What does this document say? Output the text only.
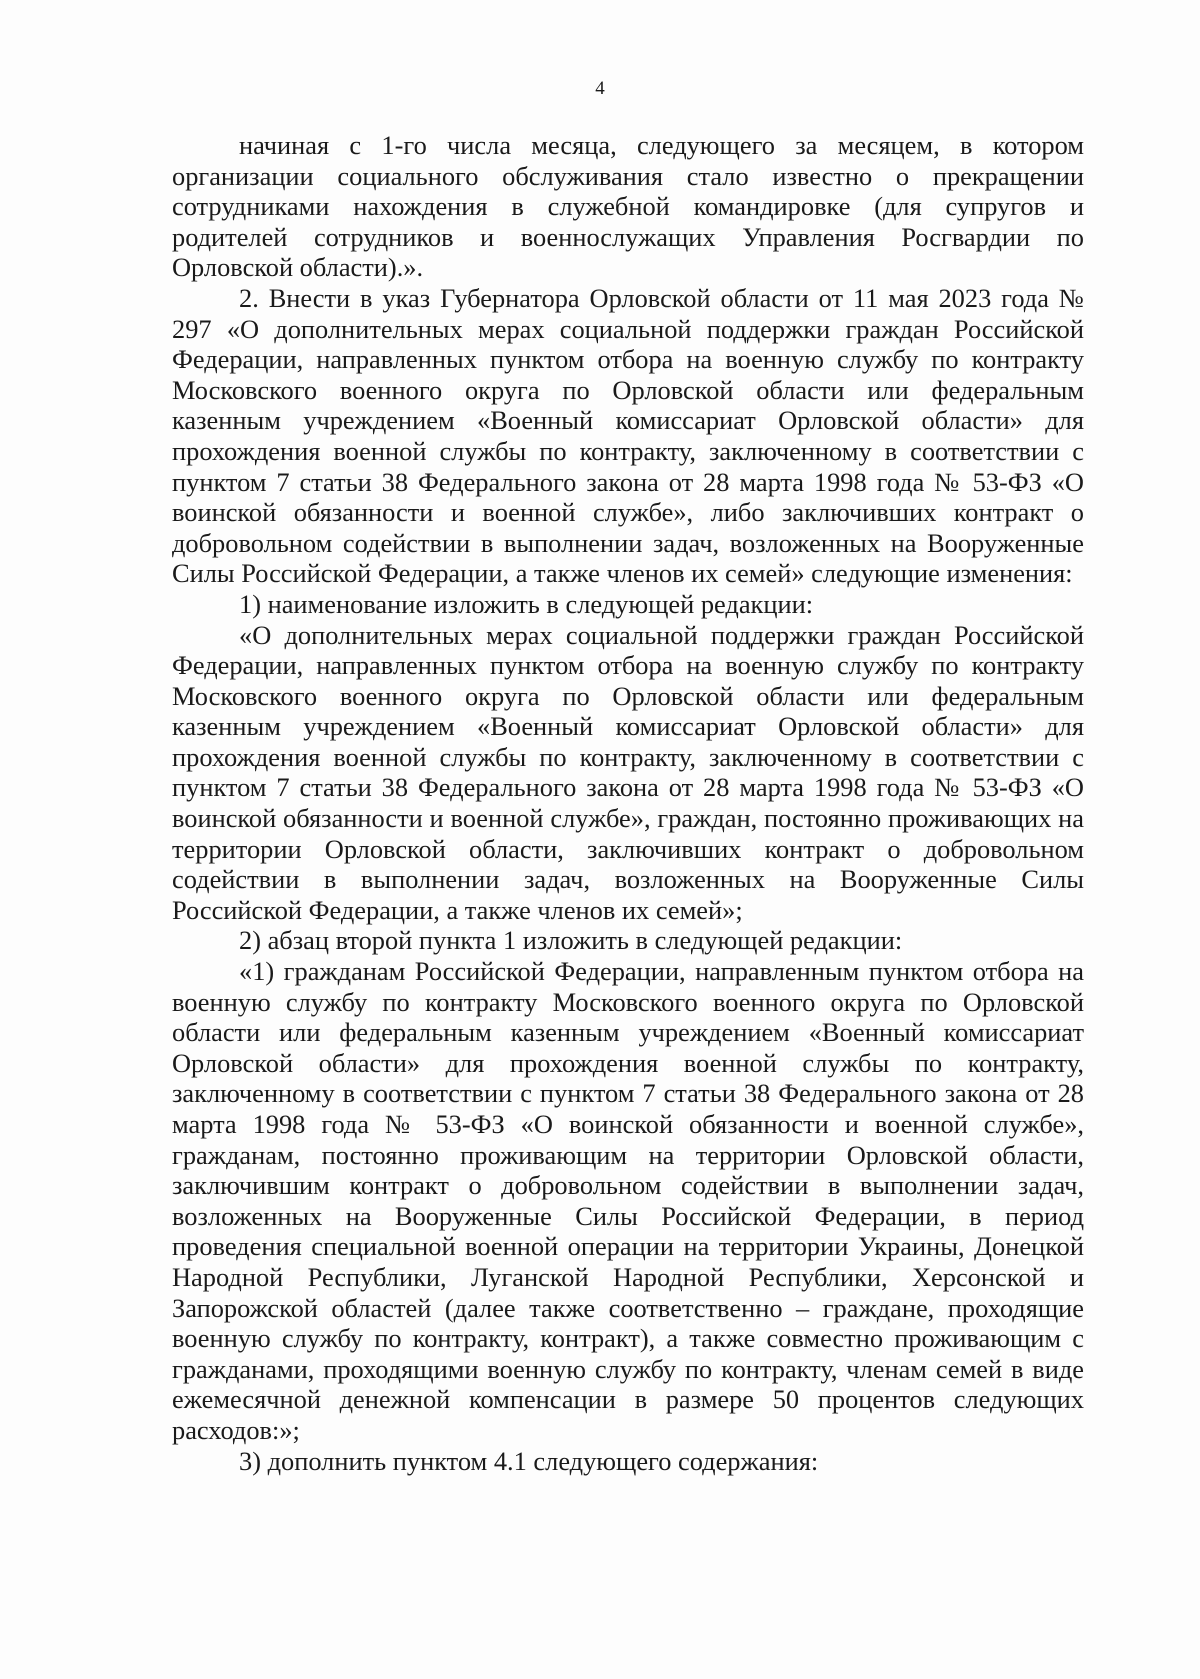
4

начиная с 1-го числа месяца, следующего за месяцем, в котором организации социального обслуживания стало известно о прекращении сотрудниками нахождения в служебной командировке (для супругов и родителей сотрудников и военнослужащих Управления Росгвардии по Орловской области).».

2. Внести в указ Губернатора Орловской области от 11 мая 2023 года № 297 «О дополнительных мерах социальной поддержки граждан Российской Федерации, направленных пунктом отбора на военную службу по контракту Московского военного округа по Орловской области или федеральным казенным учреждением «Военный комиссариат Орловской области» для прохождения военной службы по контракту, заключенному в соответствии с пунктом 7 статьи 38 Федерального закона от 28 марта 1998 года № 53-ФЗ «О воинской обязанности и военной службе», либо заключивших контракт о добровольном содействии в выполнении задач, возложенных на Вооруженные Силы Российской Федерации, а также членов их семей» следующие изменения:

1) наименование изложить в следующей редакции:

«О дополнительных мерах социальной поддержки граждан Российской Федерации, направленных пунктом отбора на военную службу по контракту Московского военного округа по Орловской области или федеральным казенным учреждением «Военный комиссариат Орловской области» для прохождения военной службы по контракту, заключенному в соответствии с пунктом 7 статьи 38 Федерального закона от 28 марта 1998 года № 53-ФЗ «О воинской обязанности и военной службе», граждан, постоянно проживающих на территории Орловской области, заключивших контракт о добровольном содействии в выполнении задач, возложенных на Вооруженные Силы Российской Федерации, а также членов их семей»;

2) абзац второй пункта 1 изложить в следующей редакции:

«1) гражданам Российской Федерации, направленным пунктом отбора на военную службу по контракту Московского военного округа по Орловской области или федеральным казенным учреждением «Военный комиссариат Орловской области» для прохождения военной службы по контракту, заключенному в соответствии с пунктом 7 статьи 38 Федерального закона от 28 марта 1998 года № 53-ФЗ «О воинской обязанности и военной службе», гражданам, постоянно проживающим на территории Орловской области, заключившим контракт о добровольном содействии в выполнении задач, возложенных на Вооруженные Силы Российской Федерации, в период проведения специальной военной операции на территории Украины, Донецкой Народной Республики, Луганской Народной Республики, Херсонской и Запорожской областей (далее также соответственно – граждане, проходящие военную службу по контракту, контракт), а также совместно проживающим с гражданами, проходящими военную службу по контракту, членам семей в виде ежемесячной денежной компенсации в размере 50 процентов следующих расходов:»;

3) дополнить пунктом 4.1 следующего содержания:
